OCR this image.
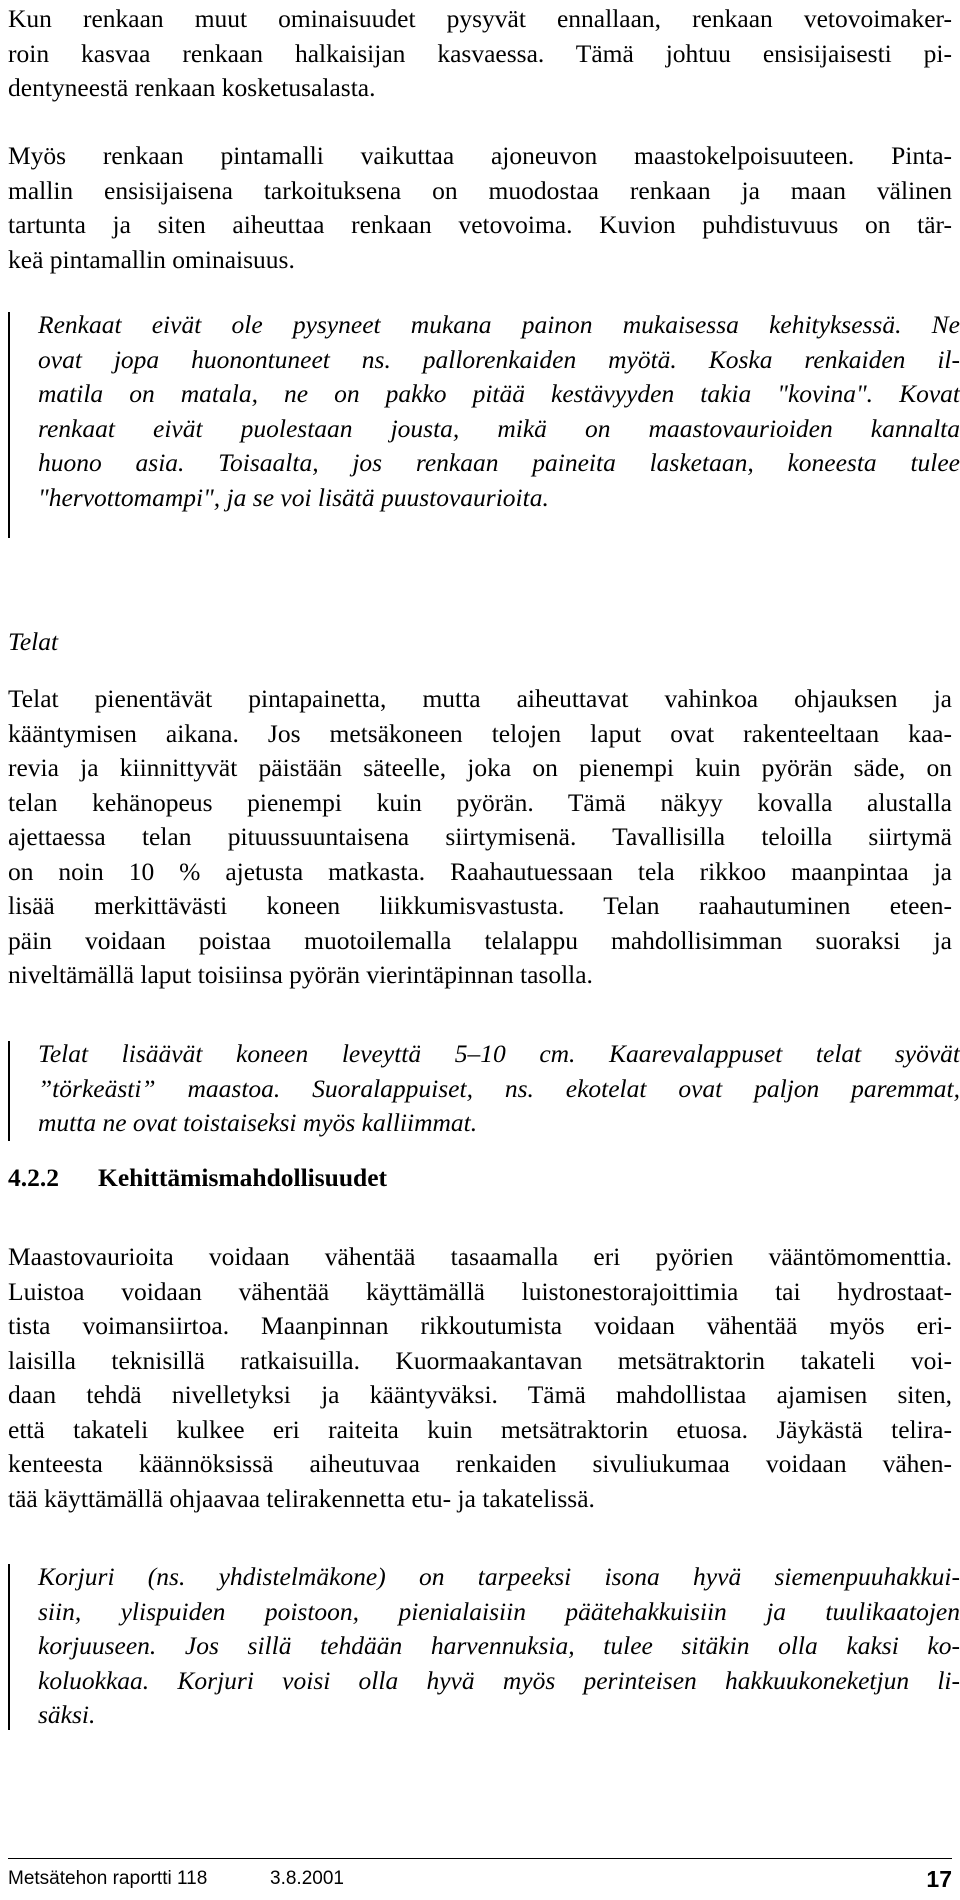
Kun renkaan muut ominaisuudet pysyvät ennallaan, renkaan vetovoimaker-
roin kasvaa renkaan halkaisijan kasvaessa. Tämä johtuu ensisijaisesti pi-
dentyneestä renkaan kosketusalasta.
Myös renkaan pintamalli vaikuttaa ajoneuvon maastokelpoisuuteen. Pinta-
mallin ensisijaisena tarkoituksena on muodostaa renkaan ja maan välinen
tartunta ja siten aiheuttaa renkaan vetovoima. Kuvion puhdistuvuus on tär-
keä pintamallin ominaisuus.
Renkaat eivät ole pysyneet mukana painon mukaisessa kehityksessä. Ne
ovat jopa huonontuneet ns. pallorenkaiden myötä. Koska renkaiden il-
matila on matala, ne on pakko pitää kestävyyden takia "kovina". Kovat
renkaat eivät puolestaan jousta, mikä on maastovaurioiden kannalta
huono asia. Toisaalta, jos renkaan paineita lasketaan, koneesta tulee
"hervottomampi", ja se voi lisätä puustovaurioita.
Telat
Telat pienentävät pintapainetta, mutta aiheuttavat vahinkoa ohjauksen ja
kääntymisen aikana. Jos metsäkoneen telojen laput ovat rakenteeltaan kaa-
revia ja kiinnittyvät päistään säteelle, joka on pienempi kuin pyörän säde, on
telan kehänopeus pienempi kuin pyörän. Tämä näkyy kovalla alustalla
ajettaessa telan pituussuuntaisena siirtymisenä. Tavallisilla teloilla siirtymä
on noin 10 % ajetusta matkasta. Raahautuessaan tela rikkoo maanpintaa ja
lisää merkittävästi koneen liikkumisvastusta. Telan raahautuminen eteen-
päin voidaan poistaa muotoilemalla telalappu mahdollisimman suoraksi ja
niveltämällä laput toisiinsa pyörän vierintäpinnan tasolla.
Telat lisäävät koneen leveyttä 5–10 cm. Kaarevalappuset telat syövät
”törkeästi” maastoa. Suoralappuiset, ns. ekotelat ovat paljon paremmat,
mutta ne ovat toistaiseksi myös kalliimmat.
4.2.2 Kehittämismahdollisuudet
Maastovaurioita voidaan vähentää tasaamalla eri pyörien vääntömomenttia.
Luistoa voidaan vähentää käyttämällä luistonestorajoittimia tai hydrostaat-
tista voimansiirtoa. Maanpinnan rikkoutumista voidaan vähentää myös eri-
laisilla teknisillä ratkaisuilla. Kuormaakantavan metsätraktorin takateli voi-
daan tehdä nivelletyksi ja kääntyväksi. Tämä mahdollistaa ajamisen siten,
että takateli kulkee eri raiteita kuin metsätraktorin etuosa. Jäykästä telira-
kenteesta käännöksissä aiheutuvaa renkaiden sivuliukumaa voidaan vähen-
tää käyttämällä ohjaavaa telirakennetta etu- ja takatelissä.
Korjuri (ns. yhdistelmäkone) on tarpeeksi isona hyvä siemenpuuhakkui-
siin, ylispuiden poistoon, pienialaisiin päätehakkuisiin ja tuulikaatojen
korjuuseen. Jos sillä tehdään harvennuksia, tulee sitäkin olla kaksi ko-
koluokkaa. Korjuri voisi olla hyvä myös perinteisen hakkuukoneketjun li-
säksi.
Metsätehon raportti 118	3.8.2001	17
